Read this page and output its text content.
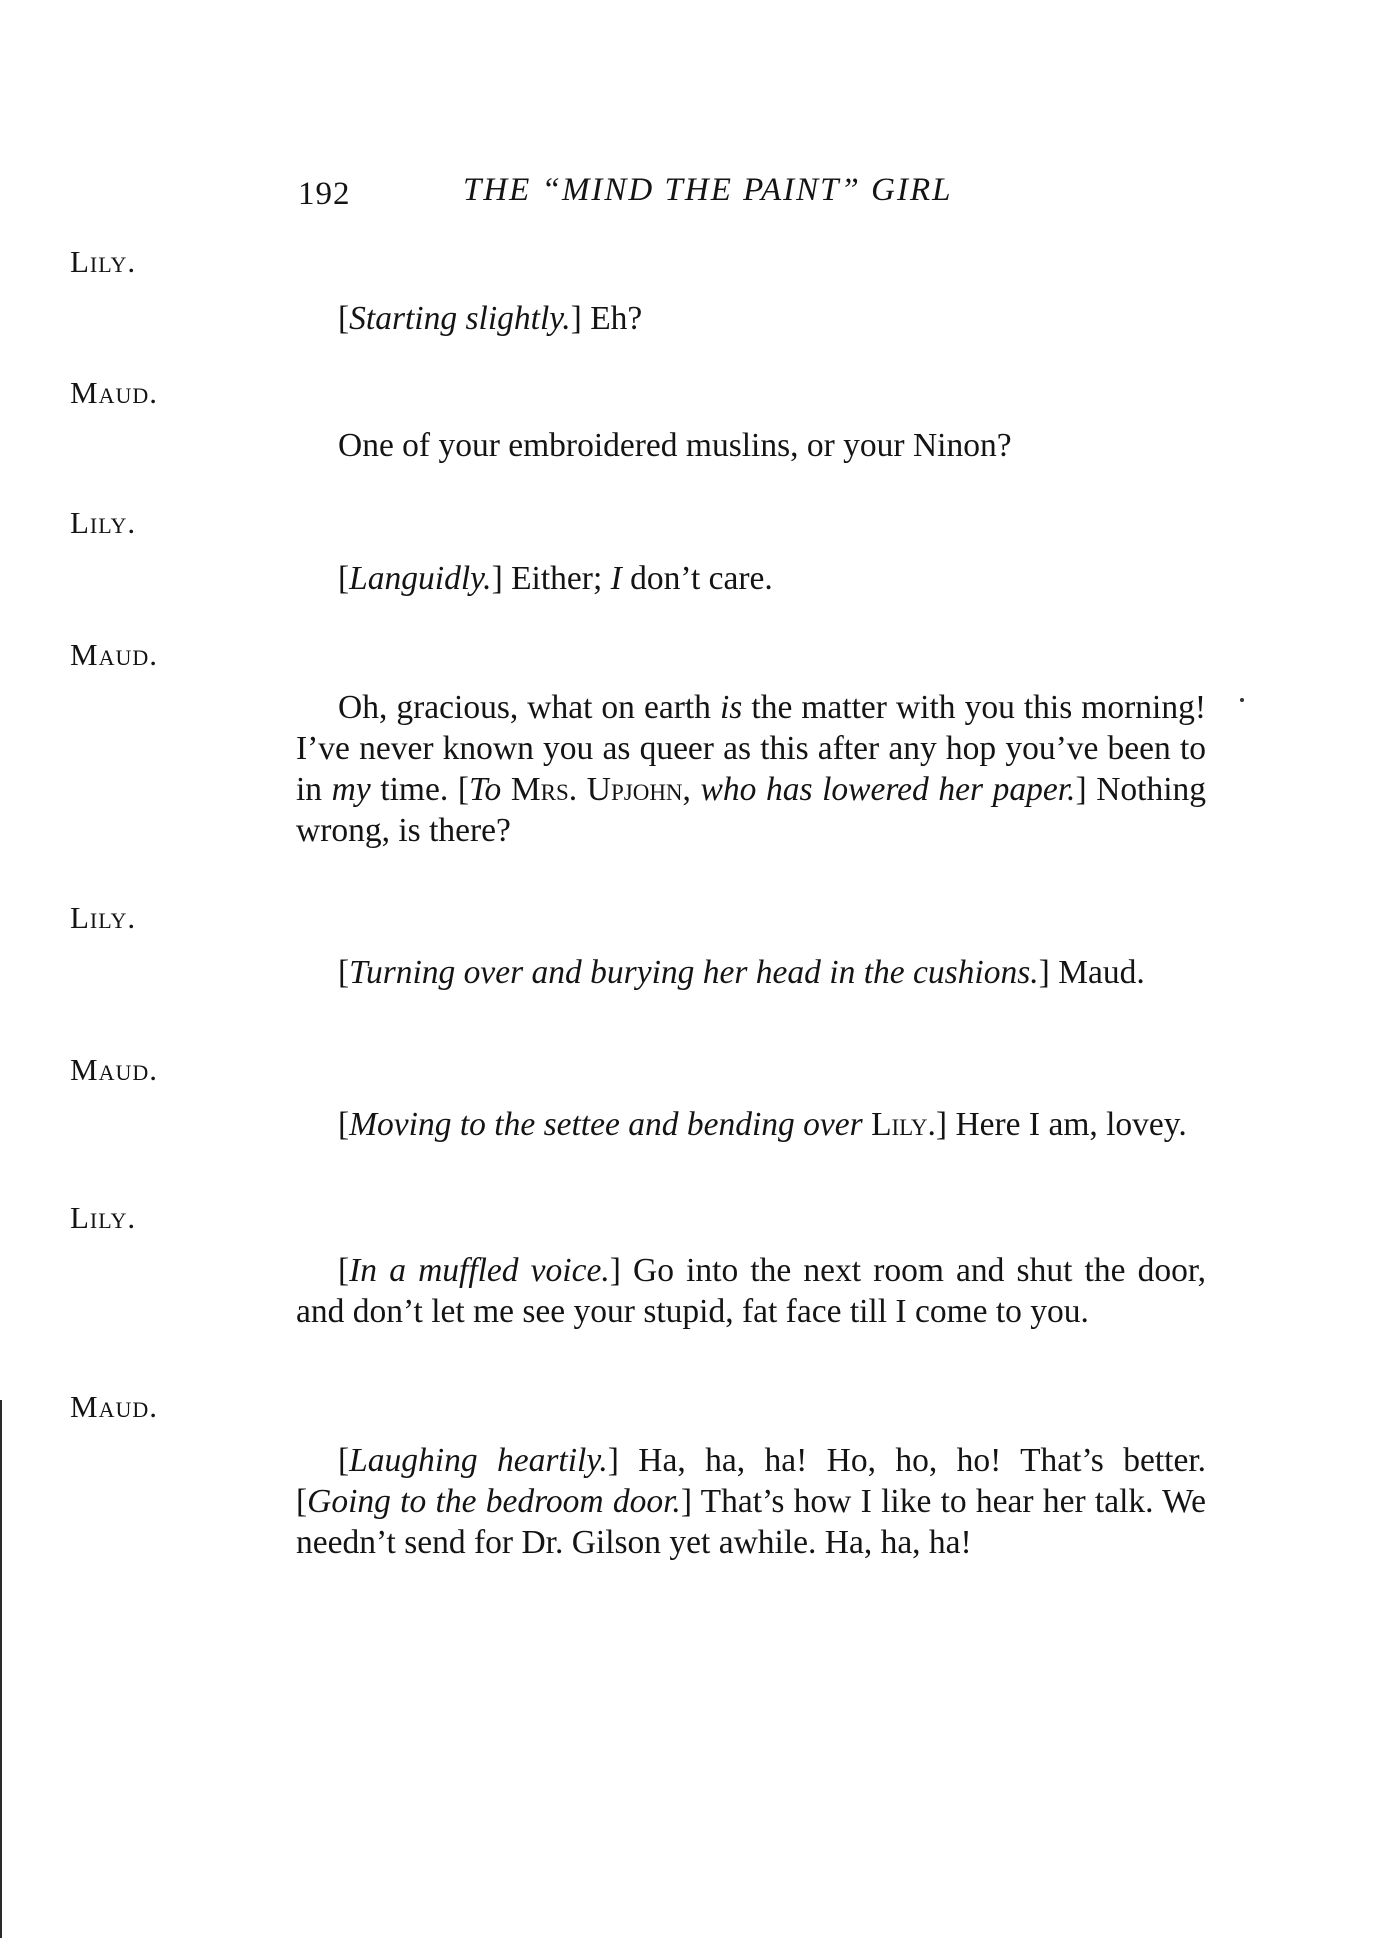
192	THE “MIND THE PAINT” GIRL
Lily.
[Starting slightly.] Eh?
Maud.
One of your embroidered muslins, or your Ninon?
Lily.
[Languidly.] Either; I don’t care.
Maud.
Oh, gracious, what on earth is the matter with you this morning! I’ve never known you as queer as this after any hop you’ve been to in my time. [To Mrs. Upjohn, who has lowered her paper.] Nothing wrong, is there?
Lily.
[Turning over and burying her head in the cushions.] Maud.
Maud.
[Moving to the settee and bending over Lily.] Here I am, lovey.
Lily.
[In a muffled voice.] Go into the next room and shut the door, and don’t let me see your stupid, fat face till I come to you.
Maud.
[Laughing heartily.] Ha, ha, ha! Ho, ho, ho! That’s better. [Going to the bedroom door.] That’s how I like to hear her talk. We needn’t send for Dr. Gilson yet awhile. Ha, ha, ha!
